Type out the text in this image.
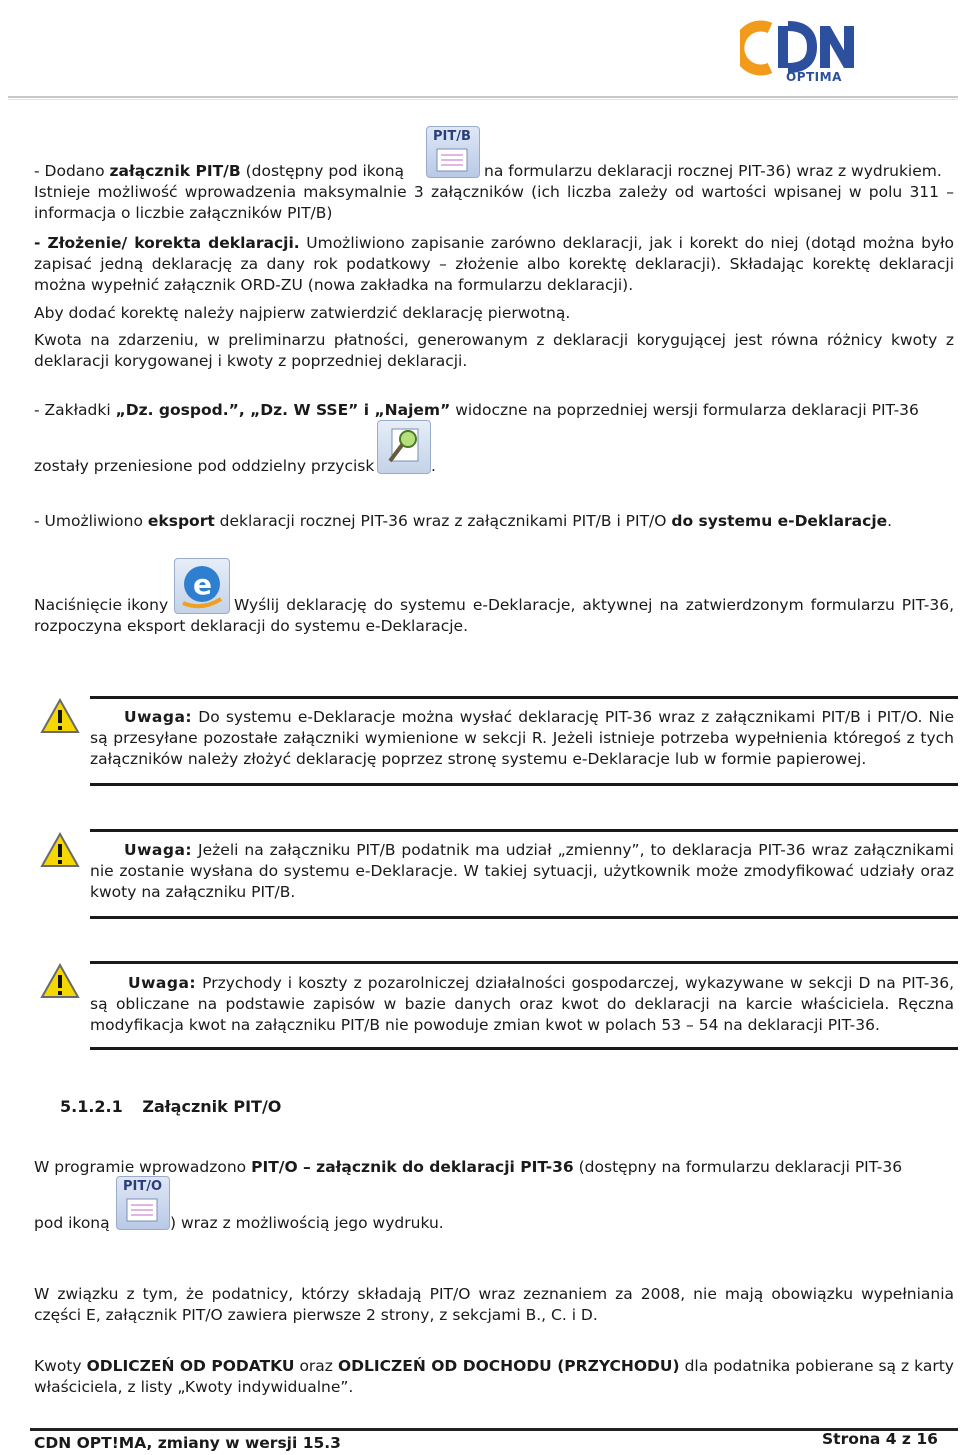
OPTIMA
PIT/B
- Dodano załącznik PIT/B (dostępny pod ikoną	na formularzu deklaracji rocznej PIT-36) wraz z wydrukiem.
Istnieje możliwość wprowadzenia maksymalnie 3 załączników (ich liczba zależy od wartości wpisanej w polu 311 – informacja o liczbie załączników PIT/B)
- Złożenie/ korekta deklaracji. Umożliwiono zapisanie zarówno deklaracji, jak i korekt do niej (dotąd można było zapisać jedną deklarację za dany rok podatkowy – złożenie albo korektę deklaracji). Składając korektę deklaracji można wypełnić załącznik ORD-ZU (nowa zakładka na formularzu deklaracji).
Aby dodać korektę należy najpierw zatwierdzić deklarację pierwotną.
Kwota na zdarzeniu, w preliminarzu płatności, generowanym z deklaracji korygującej jest równa różnicy kwoty z deklaracji korygowanej i kwoty z poprzedniej deklaracji.
- Zakładki „Dz. gospod.”, „Dz. W SSE” i „Najem” widoczne na poprzedniej wersji formularza deklaracji PIT-36
zostały przeniesione pod oddzielny przycisk	.
- Umożliwiono eksport deklaracji rocznej PIT-36 wraz z załącznikami PIT/B i PIT/O do systemu e-Deklaracje.
e
Naciśnięcie ikony	Wyślij deklarację do systemu e-Deklaracje, aktywnej na zatwierdzonym formularzu PIT-36, rozpoczyna eksport deklaracji do systemu e-Deklaracje.
Uwaga: Do systemu e-Deklaracje można wysłać deklarację PIT-36 wraz z załącznikami PIT/B i PIT/O. Nie są przesyłane pozostałe załączniki wymienione w sekcji R. Jeżeli istnieje potrzeba wypełnienia któregoś z tych załączników należy złożyć deklarację poprzez stronę systemu e-Deklaracje lub w formie papierowej.
Uwaga: Jeżeli na załączniku PIT/B podatnik ma udział „zmienny”, to deklaracja PIT-36 wraz załącznikami nie zostanie wysłana do systemu e-Deklaracje. W takiej sytuacji, użytkownik może zmodyfikować udziały oraz kwoty na załączniku PIT/B.
Uwaga: Przychody i koszty z pozarolniczej działalności gospodarczej, wykazywane w sekcji D na PIT-36, są obliczane na podstawie zapisów w bazie danych oraz kwot do deklaracji na karcie właściciela. Ręczna modyfikacja kwot na załączniku PIT/B nie powoduje zmian kwot w polach 53 – 54 na deklaracji PIT-36.
5.1.2.1 Załącznik PIT/O
W programie wprowadzono PIT/O – załącznik do deklaracji PIT-36 (dostępny na formularzu deklaracji PIT-36
PIT/O
pod ikoną	) wraz z możliwością jego wydruku.
W związku z tym, że podatnicy, którzy składają PIT/O wraz zeznaniem za 2008, nie mają obowiązku wypełniania części E, załącznik PIT/O zawiera pierwsze 2 strony, z sekcjami B., C. i D.
Kwoty ODLICZEŃ OD PODATKU oraz ODLICZEŃ OD DOCHODU (PRZYCHODU) dla podatnika pobierane są z karty właściciela, z listy „Kwoty indywidualne”.
CDN OPT!MA, zmiany w wersji 15.3	Strona 4 z 16
